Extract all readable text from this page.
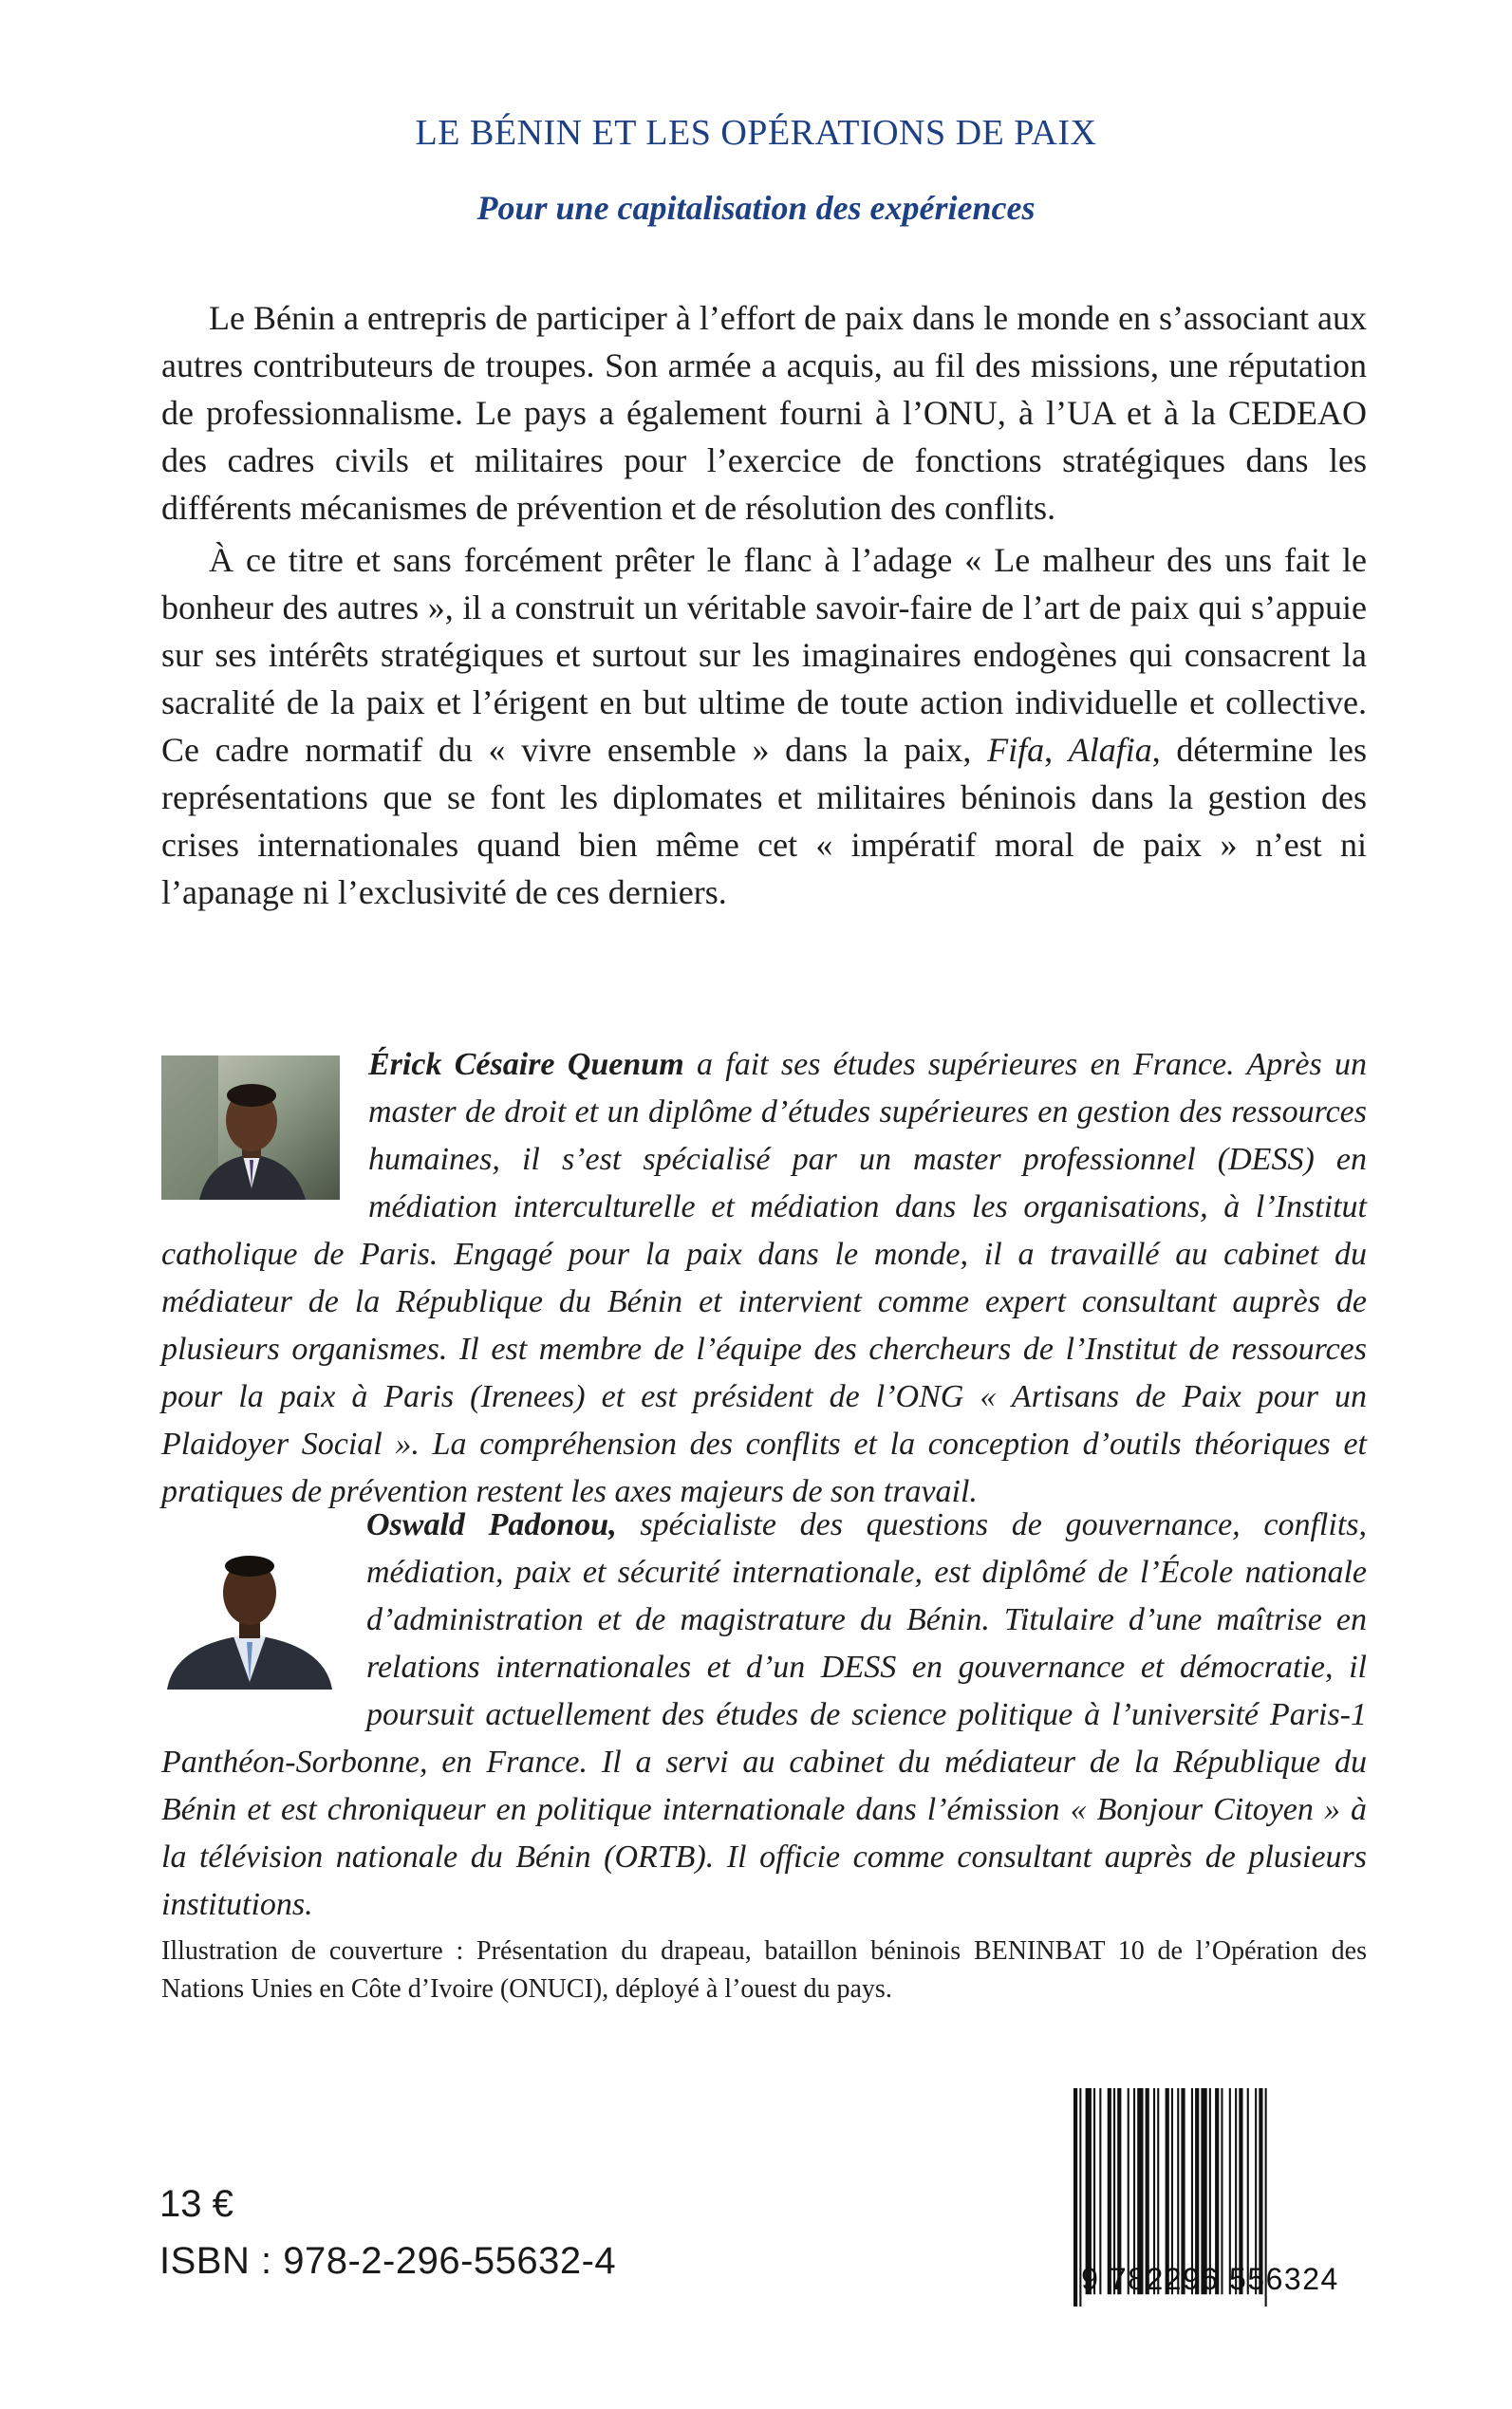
LE BÉNIN ET LES OPÉRATIONS DE PAIX
Pour une capitalisation des expériences

Le Bénin a entrepris de participer à l’effort de paix dans le monde en s’associant aux autres contributeurs de troupes. Son armée a acquis, au fil des missions, une réputation de professionnalisme. Le pays a également fourni à l’ONU, à l’UA et à la CEDEAO des cadres civils et militaires pour l’exercice de fonctions stratégiques dans les différents mécanismes de prévention et de résolution des conflits.

À ce titre et sans forcément prêter le flanc à l’adage « Le malheur des uns fait le bonheur des autres », il a construit un véritable savoir-faire de l’art de paix qui s’appuie sur ses intérêts stratégiques et surtout sur les imaginaires endogènes qui consacrent la sacralité de la paix et l’érigent en but ultime de toute action individuelle et collective. Ce cadre normatif du « vivre ensemble » dans la paix, Fifa, Alafia, détermine les représentations que se font les diplomates et militaires béninois dans la gestion des crises internationales quand bien même cet « impératif moral de paix » n’est ni l’apanage ni l’exclusivité de ces derniers.

Érick Césaire Quenum a fait ses études supérieures en France. Après un master de droit et un diplôme d’études supérieures en gestion des ressources humaines, il s’est spécialisé par un master professionnel (DESS) en médiation interculturelle et médiation dans les organisations, à l’Institut catholique de Paris. Engagé pour la paix dans le monde, il a travaillé au cabinet du médiateur de la République du Bénin et intervient comme expert consultant auprès de plusieurs organismes. Il est membre de l’équipe des chercheurs de l’Institut de ressources pour la paix à Paris (Irenees) et est président de l’ONG « Artisans de Paix pour un Plaidoyer Social ». La compréhension des conflits et la conception d’outils théoriques et pratiques de prévention restent les axes majeurs de son travail.

Oswald Padonou, spécialiste des questions de gouvernance, conflits, médiation, paix et sécurité internationale, est diplômé de l’École nationale d’administration et de magistrature du Bénin. Titulaire d’une maîtrise en relations internationales et d’un DESS en gouvernance et démocratie, il poursuit actuellement des études de science politique à l’université Paris-1 Panthéon-Sorbonne, en France. Il a servi au cabinet du médiateur de la République du Bénin et est chroniqueur en politique internationale dans l’émission « Bonjour Citoyen » à la télévision nationale du Bénin (ORTB). Il officie comme consultant auprès de plusieurs institutions.

Illustration de couverture : Présentation du drapeau, bataillon béninois BENINBAT 10 de l’Opération des Nations Unies en Côte d’Ivoire (ONUCI), déployé à l’ouest du pays.
13 €
ISBN : 978-2-296-55632-4	9 782296 556324
